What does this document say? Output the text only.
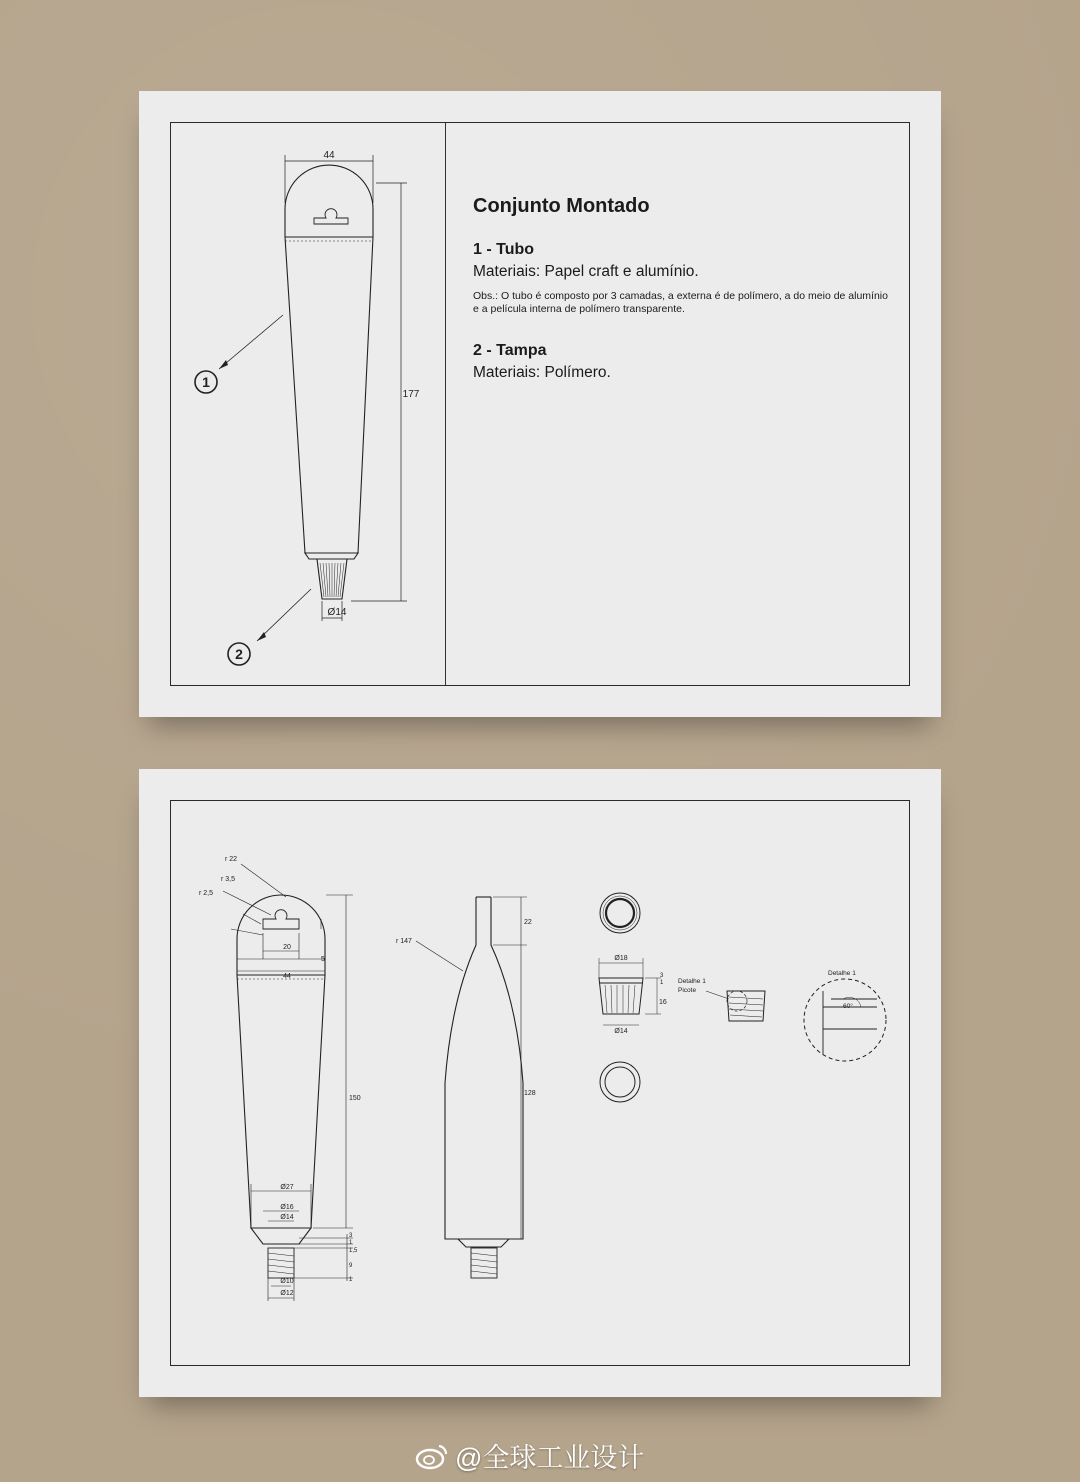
44
177
Ø14
1
2
Conjunto Montado
1 - Tubo
Materiais: Papel craft e alumínio.
Obs.: O tubo é composto por 3 camadas, a externa é de polímero, a do meio de alumínio e a película interna de polímero transparente.
2 - Tampa
Materiais: Polímero.
r 22
r 3,5
r 2,5
5
20
44
150
Ø27
Ø16
Ø14
Ø10
Ø12
3
1
1,5
9
1
r 147
22
128
Ø18
Ø14
16
3
1 Detalhe 1
Picote
Detalhe 1
60°
@全球工业设计
